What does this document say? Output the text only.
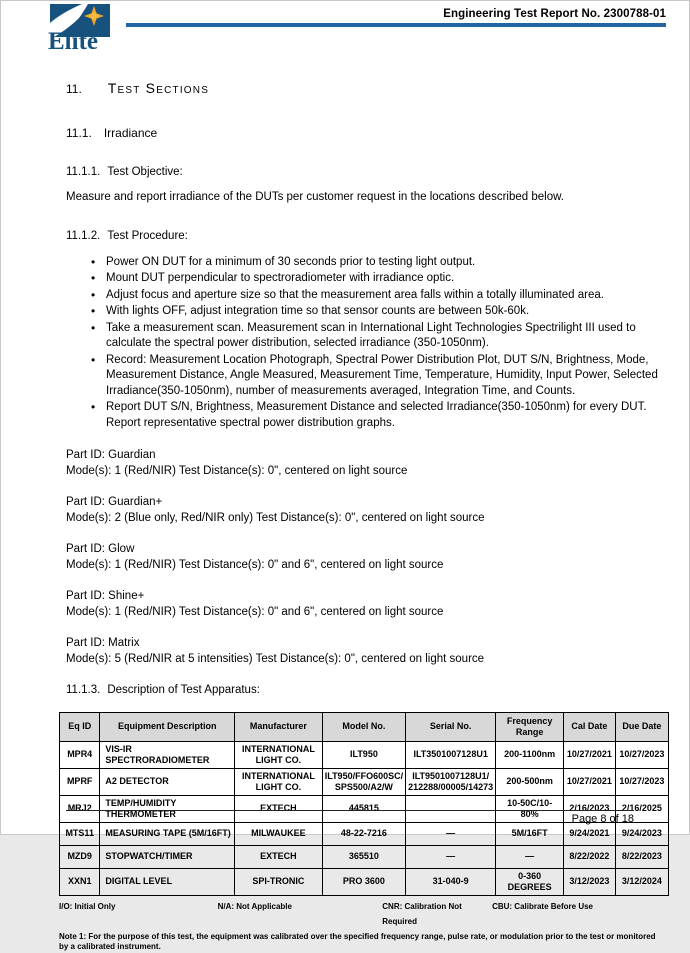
Elite
Engineering Test Report No. 2300788-01
11. Test Sections
11.1. Irradiance
11.1.1. Test Objective:
Measure and report irradiance of the DUTs per customer request in the locations described below.
11.1.2. Test Procedure:
• Power ON DUT for a minimum of 30 seconds prior to testing light output.
• Mount DUT perpendicular to spectroradiometer with irradiance optic.
• Adjust focus and aperture size so that the measurement area falls within a totally illuminated area.
• With lights OFF, adjust integration time so that sensor counts are between 50k-60k.
• Take a measurement scan. Measurement scan in International Light Technologies Spectrilight III used to calculate the spectral power distribution, selected irradiance (350-1050nm).
• Record: Measurement Location Photograph, Spectral Power Distribution Plot, DUT S/N, Brightness, Mode, Measurement Distance, Angle Measured, Measurement Time, Temperature, Humidity, Input Power, Selected Irradiance(350-1050nm), number of measurements averaged, Integration Time, and Counts.
• Report DUT S/N, Brightness, Measurement Distance and selected Irradiance(350-1050nm) for every DUT. Report representative spectral power distribution graphs.
Part ID: Guardian
Mode(s): 1 (Red/NIR) Test Distance(s): 0", centered on light source
Part ID: Guardian+
Mode(s): 2 (Blue only, Red/NIR only) Test Distance(s): 0", centered on light source
Part ID: Glow
Mode(s): 1 (Red/NIR) Test Distance(s): 0" and 6", centered on light source
Part ID: Shine+
Mode(s): 1 (Red/NIR) Test Distance(s): 0" and 6", centered on light source
Part ID: Matrix
Mode(s): 5 (Red/NIR at 5 intensities) Test Distance(s): 0", centered on light source
11.1.3. Description of Test Apparatus:
Eq ID	Equipment Description	Manufacturer	Model No.	Serial No.	Frequency Range	Cal Date	Due Date
MPR4	VIS-IR SPECTRORADIOMETER	INTERNATIONAL LIGHT CO.	ILT950	ILT3501007128U1	200-1100nm	10/27/2021	10/27/2023
MPRF	A2 DETECTOR	INTERNATIONAL LIGHT CO.	ILT950/FFO600SC/ SPS500/A2/W	ILT9501007128U1/ 212288/00005/14273	200-500nm	10/27/2021	10/27/2023
MRJ2	TEMP/HUMIDITY THERMOMETER	EXTECH	445815		10-50C/10-80%	2/16/2023	2/16/2025
MTS11	MEASURING TAPE (5M/16FT)	MILWAUKEE	48-22-7216	—	5M/16FT	9/24/2021	9/24/2023
MZD9	STOPWATCH/TIMER	EXTECH	365510	—	—	8/22/2022	8/22/2023
XXN1	DIGITAL LEVEL	SPI-TRONIC	PRO 3600	31-040-9	0-360 DEGREES	3/12/2023	3/12/2024
I/O: Initial Only	N/A: Not Applicable	CNR: Calibration Not Required
CBU: Calibrate Before Use
Note 1: For the purpose of this test, the equipment was calibrated over the specified frequency range, pulse rate, or modulation prior to the test or monitored by a calibrated instrument.
Page 8 of 18
